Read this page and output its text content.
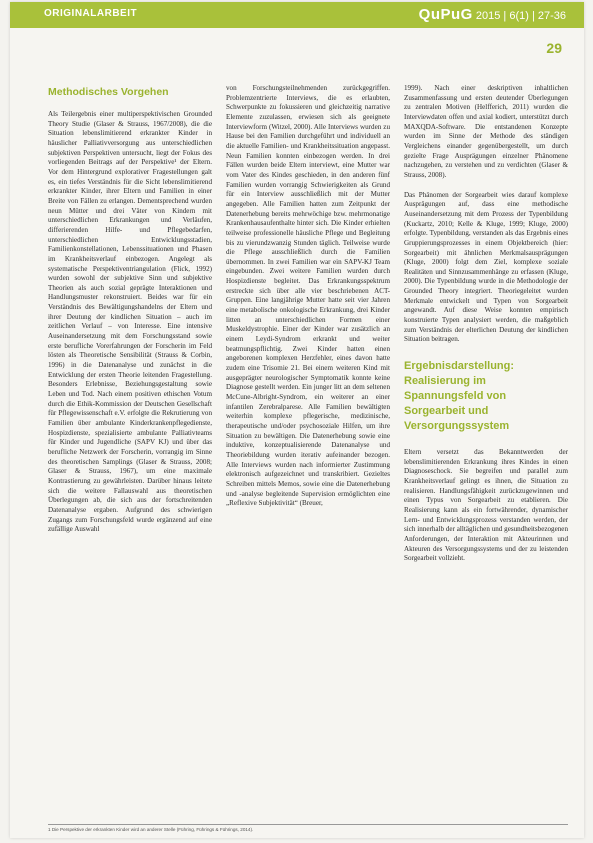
ORIGINALARBEIT	QuPuG 2015 | 6(1) | 27-36
29
Methodisches Vorgehen

Als Teilergebnis einer multiperspektivischen Grounded Theory Studie (Glaser & Strauss, 1967/2008), die die Situation lebenslimitierend erkrankter Kinder in häuslicher Palliativversorgung aus unterschiedlichen subjektiven Perspektiven untersucht, liegt der Fokus des vorliegenden Beitrags auf der Perspektive¹ der Eltern. Vor dem Hintergrund explorativer Fragestellungen galt es, ein tiefes Verständnis für die Sicht lebenslimitierend erkrankter Kinder, ihrer Eltern und Familien in einer Breite von Fällen zu erlangen. Dementsprechend wurden neun Mütter und drei Väter von Kindern mit unterschiedlichen Erkrankungen und Verläufen, differierenden Hilfe- und Pflegebedarfen, unterschiedlichen Entwicklungsstadien, Familienkonstellationen, Lebenssituationen und Phasen im Krankheitsverlauf einbezogen. Angelegt als systematische Perspektiventriangulation (Flick, 1992) wurden sowohl der subjektive Sinn und subjektive Theorien als auch sozial geprägte Interaktionen und Handlungsmuster rekonstruiert. Beides war für ein Verständnis des Bewältigungshandelns der Eltern und ihrer Deutung der kindlichen Situation – auch im zeitlichen Verlauf – von Interesse. Eine intensive Auseinandersetzung mit dem Forschungsstand sowie erste berufliche Vorerfahrungen der Forscherin im Feld lösten als Theoretische Sensibilität (Strauss & Corbin, 1996) in die Datenanalyse und zunächst in die Entwicklung der ersten Theorie leitenden Fragestellung. Besonders Erlebnisse, Beziehungsgestaltung sowie Leben und Tod. Nach einem positiven ethischen Votum durch die Ethik-Kommission der Deutschen Gesellschaft für Pflegewissenschaft e.V. erfolgte die Rekrutierung von Familien über ambulante Kinderkrankenpflegedienste, Hospizdienste, spezialisierte ambulante Palliativteams für Kinder und Jugendliche (SAPV KJ) und über das berufliche Netzwerk der Forscherin, vorrangig im Sinne des theoretischen Samplings (Glaser & Strauss, 2008; Glaser & Strauss, 1967), um eine maximale Kontrastierung zu gewährleisten. Darüber hinaus leitete sich die weitere Fallauswahl aus theoretischen Überlegungen ab, die sich aus der fortschreitenden Datenanalyse ergaben. Aufgrund des schwierigen Zugangs zum Forschungsfeld wurde ergänzend auf eine zufällige Auswahl

von Forschungsteilnehmenden zurückgegriffen. Problemzentrierte Interviews, die es erlaubten, Schwerpunkte zu fokussieren und gleichzeitig narrative Elemente zuzulassen, erwiesen sich als geeignete Interviewform (Witzel, 2000). Alle Interviews wurden zu Hause bei den Familien durchgeführt und individuell an die aktuelle Familien- und Krankheitssituation angepasst. Neun Familien konnten einbezogen werden. In drei Fällen wurden beide Eltern interviewt, eine Mutter war vom Vater des Kindes geschieden, in den anderen fünf Familien wurden vorrangig Schwierigkeiten als Grund für ein Interview ausschließlich mit der Mutter angegeben. Alle Familien hatten zum Zeitpunkt der Datenerhebung bereits mehrwöchige bzw. mehrmonatige Krankenhausaufenthalte hinter sich. Die Kinder erhielten teilweise professionelle häusliche Pflege und Begleitung bis zu vierundzwanzig Stunden täglich. Teilweise wurde die Pflege ausschließlich durch die Familien übernommen. In zwei Familien war ein SAPV-KJ Team eingebunden. Zwei weitere Familien wurden durch Hospizdienste begleitet. Das Erkrankungsspektrum erstreckte sich über alle vier beschriebenen ACT-Gruppen. Eine langjährige Mutter hatte seit vier Jahren eine metabolische onkologische Erkrankung, drei Kinder litten an unterschiedlichen Formen einer Muskeldystrophie. Einer der Kinder war zusätzlich an einem Leydi-Syndrom erkrankt und weiter beatmungspflichtig. Zwei Kinder hatten einen angeborenen komplexen Herzfehler, eines davon hatte zudem eine Trisomie 21. Bei einem weiteren Kind mit ausgeprägter neurologischer Symptomatik konnte keine Diagnose gestellt werden. Ein junger litt an dem seltenen McCune-Albright-Syndrom, ein weiterer an einer infantilen Zerebralparese. Alle Familien bewältigten weiterhin komplexe pflegerische, medizinische, therapeutische und/oder psychosoziale Hilfen, um ihre Situation zu bewältigen. Die Datenerhebung sowie eine induktive, konzeptualisierende Datenanalyse und Theoriebildung wurden iterativ aufeinander bezogen. Alle Interviews wurden nach informierter Zustimmung elektronisch aufgezeichnet und transkribiert. Gezieltes Schreiben mittels Memos, sowie eine die Datenerhebung und -analyse begleitende Supervision ermöglichten eine „Reflexive Subjektivität“ (Breuer,

1999). Nach einer deskriptiven inhaltlichen Zusammenfassung und ersten deutender Überlegungen zu zentralen Motiven (Helfferich, 2011) wurden die Interviewdaten offen und axial kodiert, unterstützt durch MAXQDA-Software. Die entstandenen Konzepte wurden im Sinne der Methode des ständigen Vergleichens einander gegenübergestellt, um durch gezielte Frage Ausprägungen einzelner Phänomene nachzugehen, zu verstehen und zu verdichten (Glaser & Strauss, 2008).

Das Phänomen der Sorgearbeit wies darauf komplexe Ausprägungen auf, dass eine methodische Auseinandersetzung mit dem Prozess der Typenbildung (Kuckartz, 2010; Kelle & Kluge, 1999; Kluge, 2000) erfolgte. Typenbildung, verstanden als das Ergebnis eines Gruppierungsprozesses in einem Objektbereich (hier: Sorgearbeit) mit ähnlichen Merkmalsausprägungen (Kluge, 2000) folgt dem Ziel, komplexe soziale Realitäten und Sinnzusammenhänge zu erfassen (Kluge, 2000). Die Typenbildung wurde in die Methodologie der Grounded Theory integriert. Theoriegeleitet wurden Merkmale entwickelt und Typen von Sorgearbeit angewandt. Auf diese Weise konnten empirisch konstruierte Typen analysiert werden, die maßgeblich zum Verständnis der elterlichen Deutung der kindlichen Situation beitragen.

Ergebnisdarstellung: Realisierung im Spannungsfeld von Sorgearbeit und Versorgungssystem

Eltern versetzt das Bekanntwerden der lebenslimitierenden Erkrankung ihres Kindes in einen Diagnoseschock. Sie begreifen und parallel zum Krankheitsverlauf gelingt es ihnen, die Situation zu realisieren. Handlungsfähigkeit zurückzugewinnen und einen Typus von Sorgearbeit zu etablieren. Die Realisierung kann als ein fortwährender, dynamischer Lern- und Entwicklungsprozess verstanden werden, der sich innerhalb der alltäglichen und gesundheitsbezogenen Anforderungen, der Interaktion mit Akteurinnen und Akteuren des Versorgungssystems und der zu leistenden Sorgearbeit vollzieht.

1 Die Perspektive der erkrankten Kinder wird an anderer Stelle (Führing, Führings & Führings, 2014).
